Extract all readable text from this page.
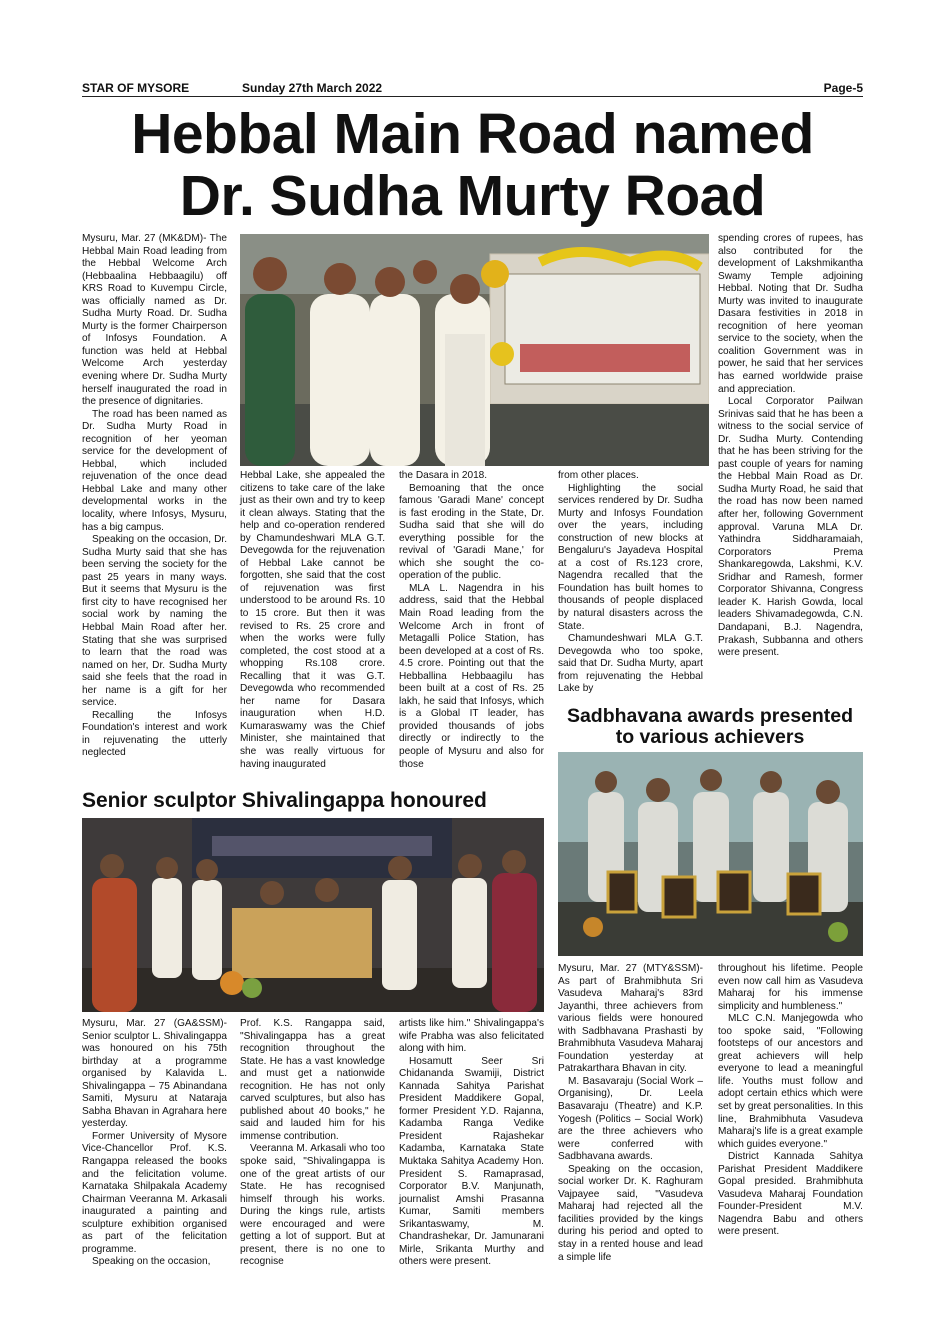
STAR OF MYSORE	Sunday 27th March 2022	Page-5
Hebbal Main Road named
Dr. Sudha Murty Road

Mysuru, Mar. 27 (MK&DM)- The Hebbal Main Road leading from the Hebbal Welcome Arch (Hebbaalina Hebbaagilu) off KRS Road to Kuvempu Circle, was officially named as Dr. Sudha Murty Road. Dr. Sudha Murty is the former Chairperson of Infosys Foundation. A function was held at Hebbal Welcome Arch yesterday evening where Dr. Sudha Murty herself inaugurated the road in the presence of dignitaries.

The road has been named as Dr. Sudha Murty Road in recognition of her yeoman service for the development of Hebbal, which included rejuvenation of the once dead Hebbal Lake and many other developmental works in the locality, where Infosys, Mysuru, has a big campus.

Speaking on the occasion, Dr. Sudha Murty said that she has been serving the society for the past 25 years in many ways. But it seems that Mysuru is the first city to have recognised her social work by naming the Hebbal Main Road after her. Stating that she was surprised to learn that the road was named on her, Dr. Sudha Murty said she feels that the road in her name is a gift for her service.

Recalling the Infosys Foundation's interest and work in rejuvenating the utterly neglected

Hebbal Lake, she appealed the citizens to take care of the lake just as their own and try to keep it clean always. Stating that the help and co-operation rendered by Chamundeshwari MLA G.T. Devegowda for the rejuvenation of Hebbal Lake cannot be forgotten, she said that the cost of rejuvenation was first understood to be around Rs. 10 to 15 crore. But then it was revised to Rs. 25 crore and when the works were fully completed, the cost stood at a whopping Rs.108 crore. Recalling that it was G.T. Devegowda who recommended her name for Dasara inauguration when H.D. Kumaraswamy was the Chief Minister, she maintained that she was really virtuous for having inaugurated

the Dasara in 2018.

Bemoaning that the once famous 'Garadi Mane' concept is fast eroding in the State, Dr. Sudha said that she will do everything possible for the revival of 'Garadi Mane,' for which she sought the co-operation of the public.

MLA L. Nagendra in his address, said that the Hebbal Main Road leading from the Welcome Arch in front of Metagalli Police Station, has been developed at a cost of Rs. 4.5 crore. Pointing out that the Hebballina Hebbaagilu has been built at a cost of Rs. 25 lakh, he said that Infosys, which is a Global IT leader, has provided thousands of jobs directly or indirectly to the people of Mysuru and also for those

from other places.

Highlighting the social services rendered by Dr. Sudha Murty and Infosys Foundation over the years, including construction of new blocks at Bengaluru's Jayadeva Hospital at a cost of Rs.123 crore, Nagendra recalled that the Foundation has built homes to thousands of people displaced by natural disasters across the State.

Chamundeshwari MLA G.T. Devegowda who too spoke, said that Dr. Sudha Murty, apart from rejuvenating the Hebbal Lake by

spending crores of rupees, has also contributed for the development of Lakshmikantha Swamy Temple adjoining Hebbal. Noting that Dr. Sudha Murty was invited to inaugurate Dasara festivities in 2018 in recognition of here yeoman service to the society, when the coalition Government was in power, he said that her services has earned worldwide praise and appreciation.

Local Corporator Pailwan Srinivas said that he has been a witness to the social service of Dr. Sudha Murty. Contending that he has been striving for the past couple of years for naming the Hebbal Main Road as Dr. Sudha Murty Road, he said that the road has now been named after her, following Government approval. Varuna MLA Dr. Yathindra Siddharamaiah, Corporators Prema Shankaregowda, Lakshmi, K.V. Sridhar and Ramesh, former Corporator Shivanna, Congress leader K. Harish Gowda, local leaders Shivamadegowda, C.N. Dandapani, B.J. Nagendra, Prakash, Subbanna and others were present.

Sadbhavana awards presented
to various achievers

Mysuru, Mar. 27 (MTY&SSM)- As part of Brahmibhuta Sri Vasudeva Maharaj's 83rd Jayanthi, three achievers from various fields were honoured with Sadbhavana Prashasti by Brahmibhuta Vasudeva Maharaj Foundation yesterday at Patrakarthara Bhavan in city.

M. Basavaraju (Social Work – Organising), Dr. Leela Basavaraju (Theatre) and K.P. Yogesh (Politics – Social Work) are the three achievers who were conferred with Sadbhavana awards.

Speaking on the occasion, social worker Dr. K. Raghuram Vajpayee said, "Vasudeva Maharaj had rejected all the facilities provided by the kings during his period and opted to stay in a rented house and lead a simple life

throughout his lifetime. People even now call him as Vasudeva Maharaj for his immense simplicity and humbleness."

MLC C.N. Manjegowda who too spoke said, "Following footsteps of our ancestors and great achievers will help everyone to lead a meaningful life. Youths must follow and adopt certain ethics which were set by great personalities. In this line, Brahmibhuta Vasudeva Maharaj's life is a great example which guides everyone."

District Kannada Sahitya Parishat President Maddikere Gopal presided. Brahmibhuta Vasudeva Maharaj Foundation Founder-President M.V. Nagendra Babu and others were present.

Senior sculptor Shivalingappa honoured

Mysuru, Mar. 27 (GA&SSM)- Senior sculptor L. Shivalingappa was honoured on his 75th birthday at a programme organised by Kalavida L. Shivalingappa – 75 Abinandana Samiti, Mysuru at Nataraja Sabha Bhavan in Agrahara here yesterday.

Former University of Mysore Vice-Chancellor Prof. K.S. Rangappa released the books and the felicitation volume. Karnataka Shilpakala Academy Chairman Veeranna M. Arkasali inaugurated a painting and sculpture exhibition organised as part of the felicitation programme.

Speaking on the occasion,

Prof. K.S. Rangappa said, "Shivalingappa has a great recognition throughout the State. He has a vast knowledge and must get a nationwide recognition. He has not only carved sculptures, but also has published about 40 books," he said and lauded him for his immense contribution.

Veeranna M. Arkasali who too spoke said, "Shivalingappa is one of the great artists of our State. He has recognised himself through his works. During the kings rule, artists were encouraged and were getting a lot of support. But at present, there is no one to recognise

artists like him." Shivalingappa's wife Prabha was also felicitated along with him.

Hosamutt Seer Sri Chidananda Swamiji, District Kannada Sahitya Parishat President Maddikere Gopal, former President Y.D. Rajanna, Kadamba Ranga Vedike President Rajashekar Kadamba, Karnataka State Muktaka Sahitya Academy Hon. President S. Ramaprasad, Corporator B.V. Manjunath, journalist Amshi Prasanna Kumar, Samiti members Srikantaswamy, M. Chandrashekar, Dr. Jamunarani Mirle, Srikanta Murthy and others were present.
